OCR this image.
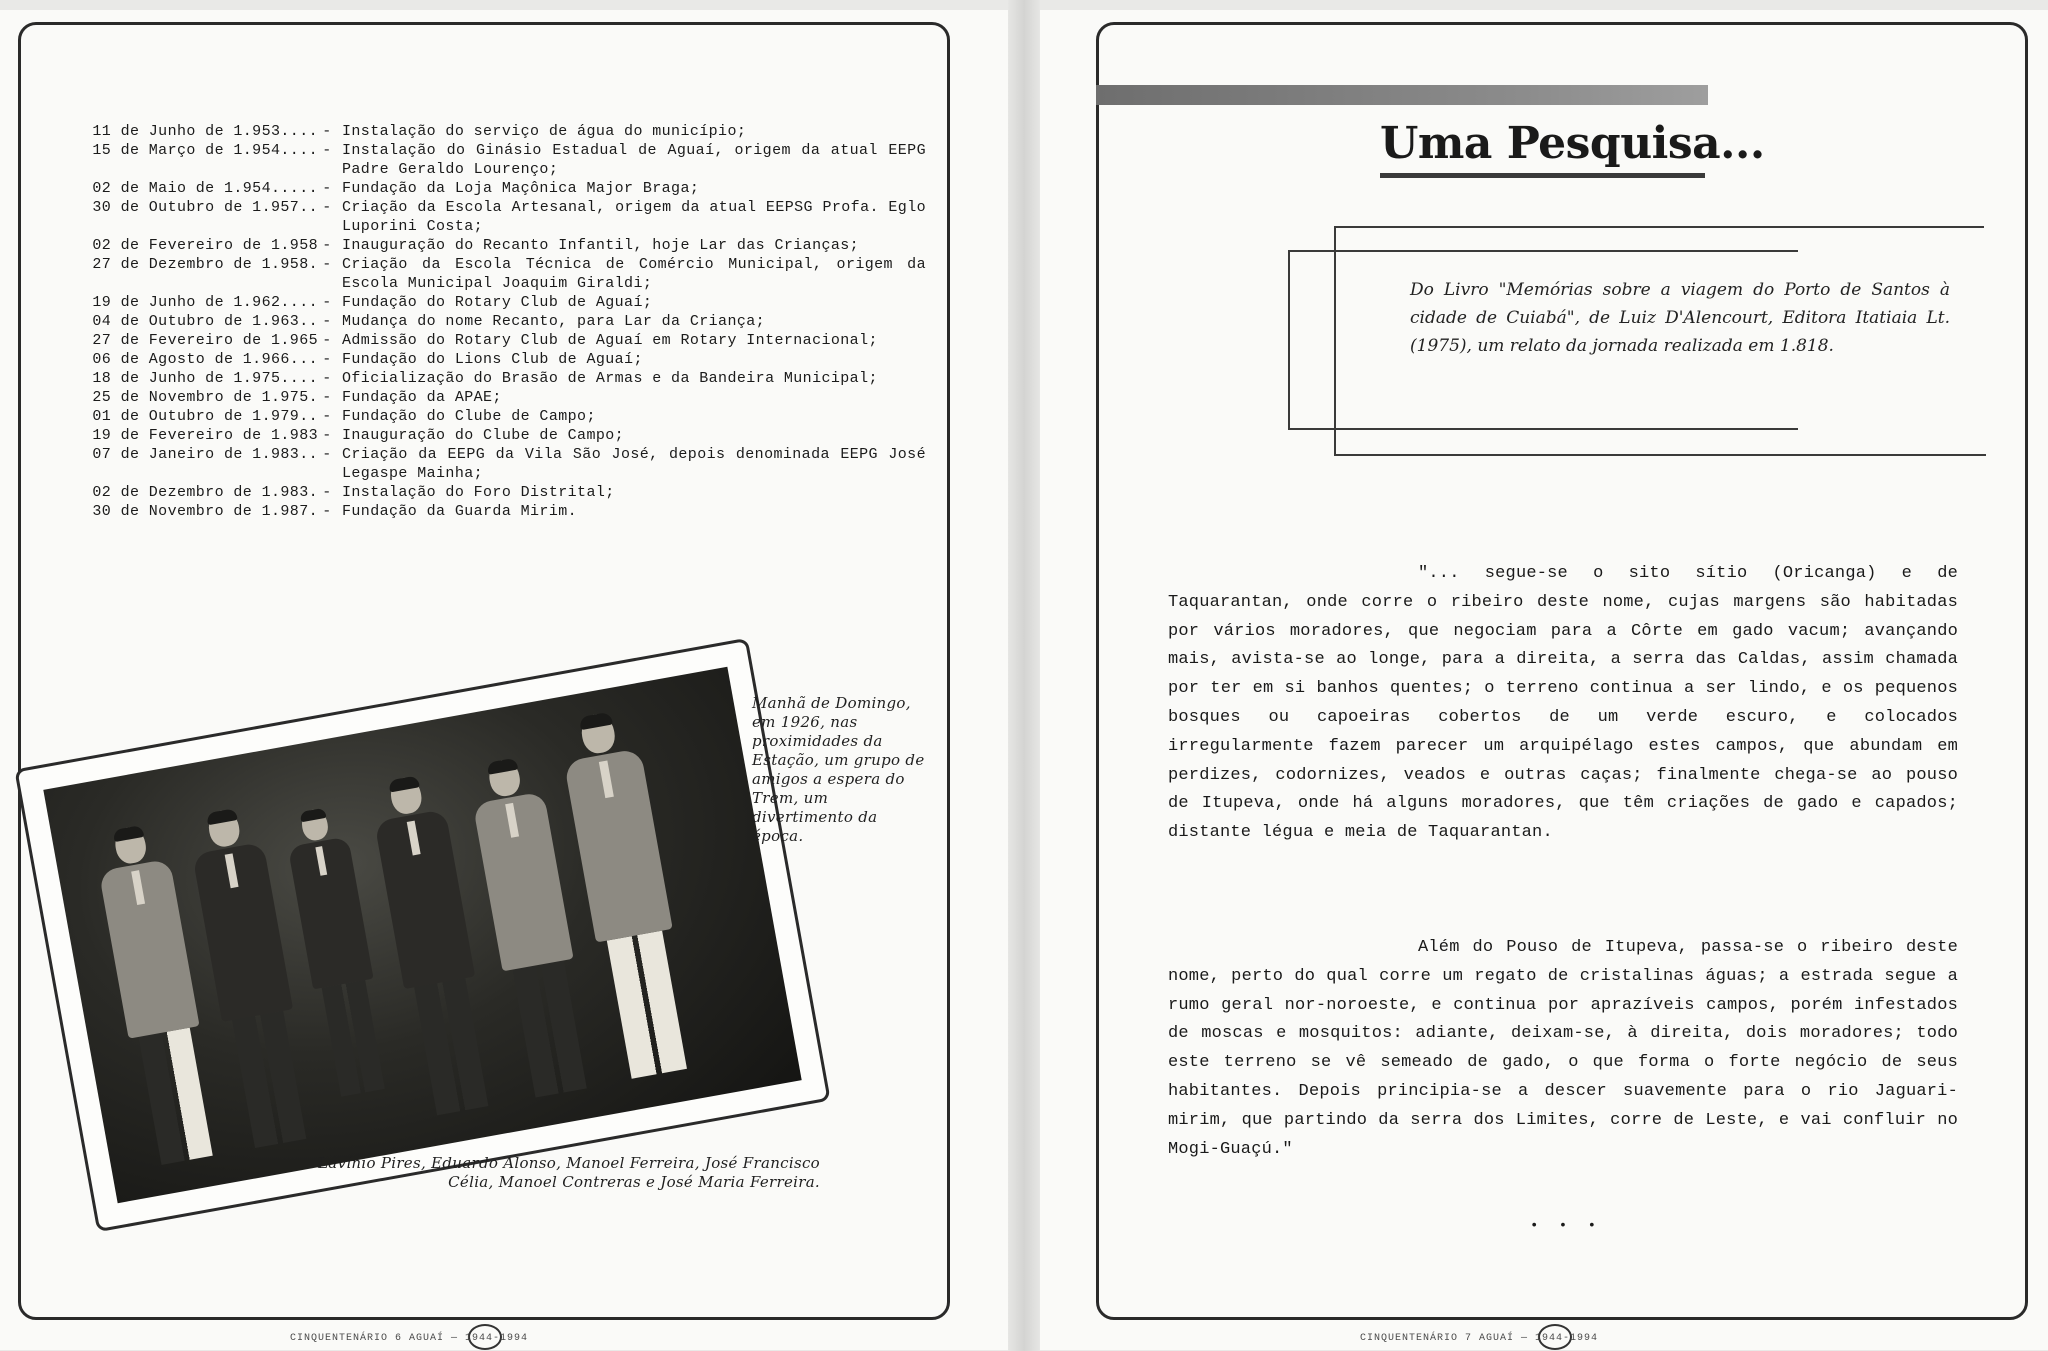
11 de Junho de 1.953.... - Instalação do serviço de água do município;
15 de Março de 1.954.... - Instalação do Ginásio Estadual de Aguaí, origem da atual EEPG Padre Geraldo Lourenço;
02 de Maio de 1.954..... - Fundação da Loja Maçônica Major Braga;
30 de Outubro de 1.957.. - Criação da Escola Artesanal, origem da atual EEPSG Profa. Eglo Luporini Costa;
02 de Fevereiro de 1.958 - Inauguração do Recanto Infantil, hoje Lar das Crianças;
27 de Dezembro de 1.958. - Criação da Escola Técnica de Comércio Municipal, origem da Escola Municipal Joaquim Giraldi;
19 de Junho de 1.962.... - Fundação do Rotary Club de Aguaí;
04 de Outubro de 1.963.. - Mudança do nome Recanto, para Lar da Criança;
27 de Fevereiro de 1.965 - Admissão do Rotary Club de Aguaí em Rotary Internacional;
06 de Agosto de 1.966... - Fundação do Lions Club de Aguaí;
18 de Junho de 1.975.... - Oficialização do Brasão de Armas e da Bandeira Municipal;
25 de Novembro de 1.975. - Fundação da APAE;
01 de Outubro de 1.979.. - Fundação do Clube de Campo;
19 de Fevereiro de 1.983 - Inauguração do Clube de Campo;
07 de Janeiro de 1.983.. - Criação da EEPG da Vila São José, depois denominada EEPG José Legaspe Mainha;
02 de Dezembro de 1.983. - Instalação do Foro Distrital;
30 de Novembro de 1.987. - Fundação da Guarda Mirim.
Manhã de Domingo, em 1926, nas proximidades da Estação, um grupo de amigos a espera do Trem, um divertimento da época.
Lavínio Pires, Eduardo Alonso, Manoel Ferreira, José Francisco Célia, Manoel Contreras e José Maria Ferreira.
CINQUENTENÁRIO 6 AGUAÍ — 1944-1994
Uma Pesquisa...
Do Livro "Memórias sobre a viagem do Porto de Santos à cidade de Cuiabá", de Luiz D'Alencourt, Editora Itatiaia Lt. (1975), um relato da jornada realizada em 1.818.
"... segue-se o sito sítio (Oricanga) e de Taquarantan, onde corre o ribeiro deste nome, cujas margens são habitadas por vários moradores, que negociam para a Côrte em gado vacum; avançando mais, avista-se ao longe, para a direita, a serra das Caldas, assim chamada por ter em si banhos quentes; o terreno continua a ser lindo, e os pequenos bosques ou capoeiras cobertos de um verde escuro, e colocados irregularmente fazem parecer um arquipélago estes campos, que abundam em perdizes, codornizes, veados e outras caças; finalmente chega-se ao pouso de Itupeva, onde há alguns moradores, que têm criações de gado e capados; distante légua e meia de Taquarantan.
Além do Pouso de Itupeva, passa-se o ribeiro deste nome, perto do qual corre um regato de cristalinas águas; a estrada segue a rumo geral nor-noroeste, e continua por aprazíveis campos, porém infestados de moscas e mosquitos: adiante, deixam-se, à direita, dois moradores; todo este terreno se vê semeado de gado, o que forma o forte negócio de seus habitantes. Depois principia-se a descer suavemente para o rio Jaguari-mirim, que partindo da serra dos Limites, corre de Leste, e vai confluir no Mogi-Guaçú."
• • •
CINQUENTENÁRIO 7 AGUAÍ — 1944-1994
